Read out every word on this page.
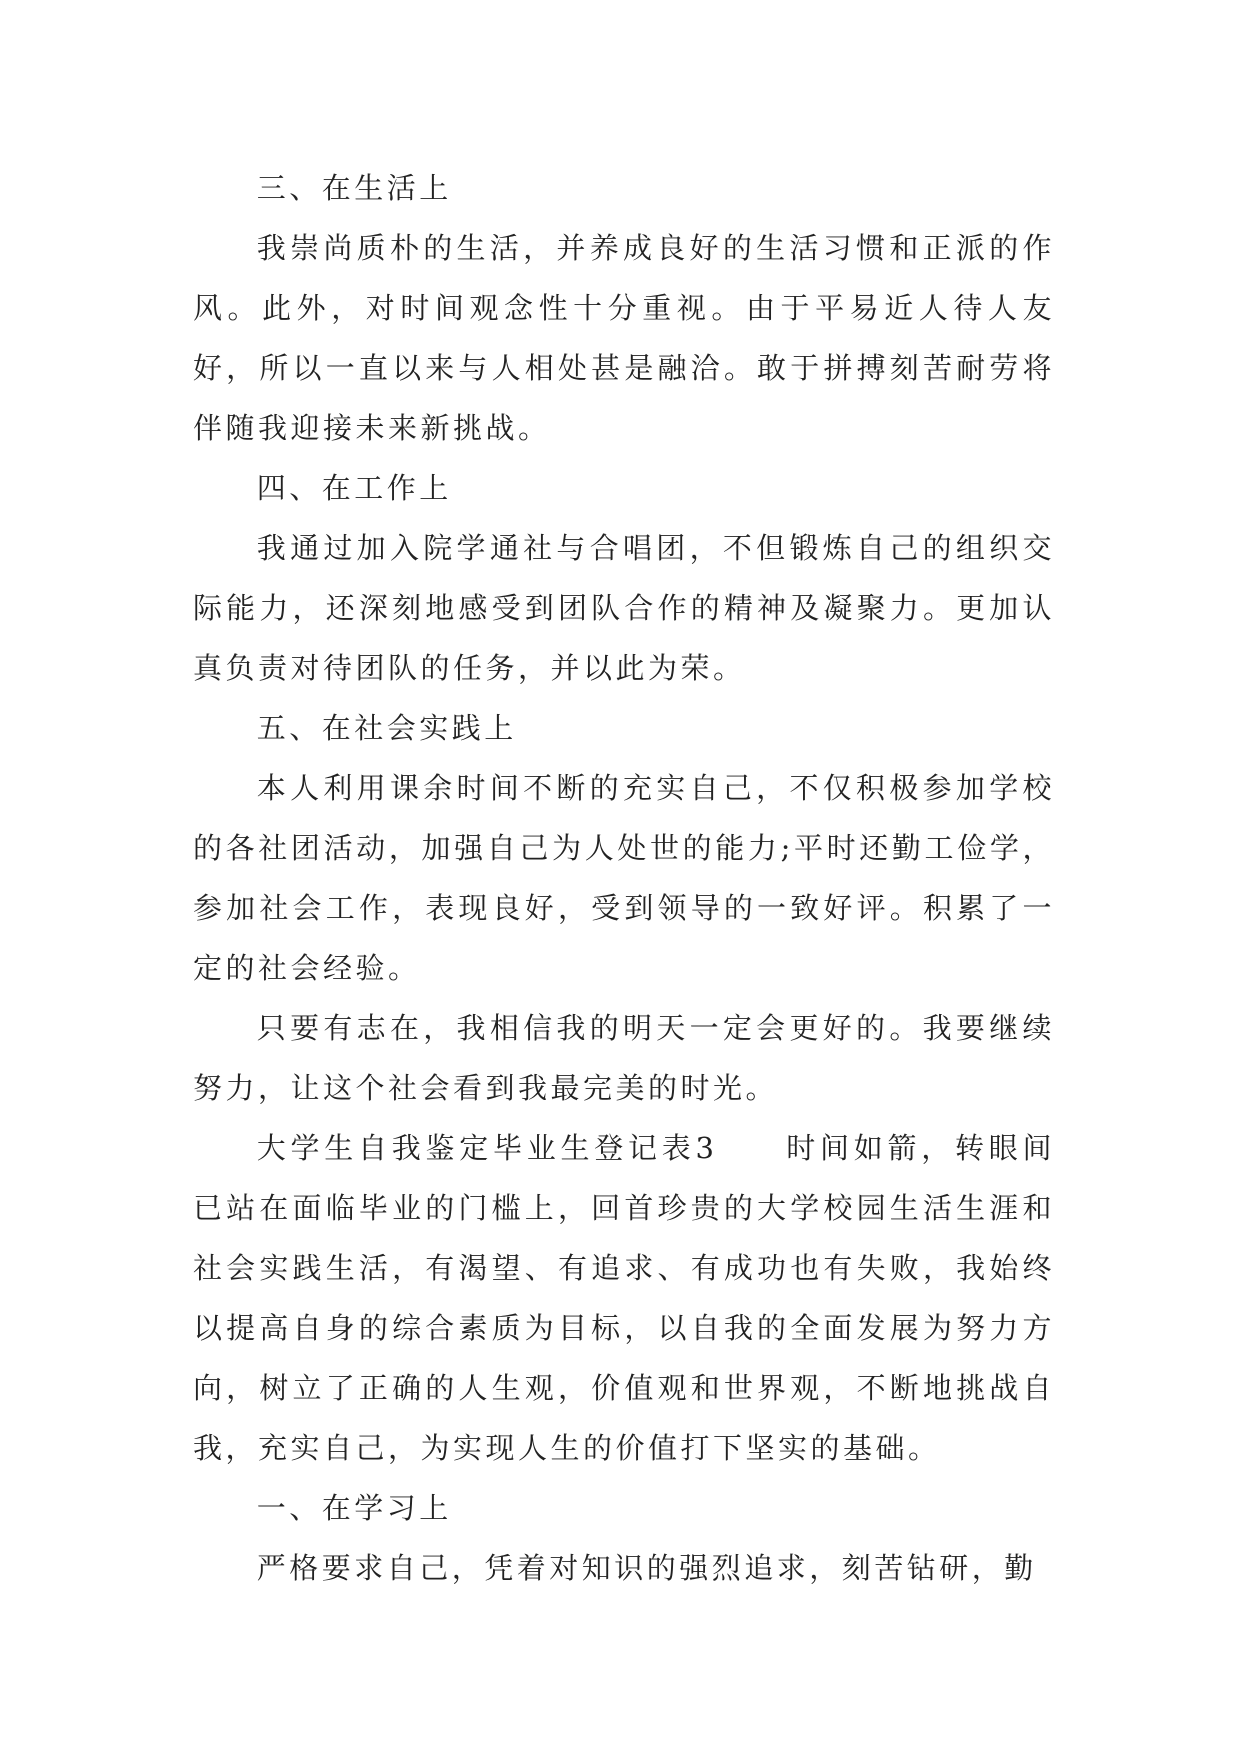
三、在生活上

我崇尚质朴的生活，并养成良好的生活习惯和正派的作风。此外，对时间观念性十分重视。由于平易近人待人友好，所以一直以来与人相处甚是融洽。敢于拼搏刻苦耐劳将伴随我迎接未来新挑战。

四、在工作上

我通过加入院学通社与合唱团，不但锻炼自己的组织交际能力，还深刻地感受到团队合作的精神及凝聚力。更加认真负责对待团队的任务，并以此为荣。

五、在社会实践上

本人利用课余时间不断的充实自己，不仅积极参加学校的各社团活动，加强自己为人处世的能力;平时还勤工俭学，参加社会工作，表现良好，受到领导的一致好评。积累了一定的社会经验。

只要有志在，我相信我的明天一定会更好的。我要继续努力，让这个社会看到我最完美的时光。

大学生自我鉴定毕业生登记表3　　时间如箭，转眼间已站在面临毕业的门槛上，回首珍贵的大学校园生活生涯和社会实践生活，有渴望、有追求、有成功也有失败，我始终以提高自身的综合素质为目标，以自我的全面发展为努力方向，树立了正确的人生观，价值观和世界观，不断地挑战自我，充实自己，为实现人生的价值打下坚实的基础。

一、在学习上

严格要求自己，凭着对知识的强烈追求，刻苦钻研，勤
